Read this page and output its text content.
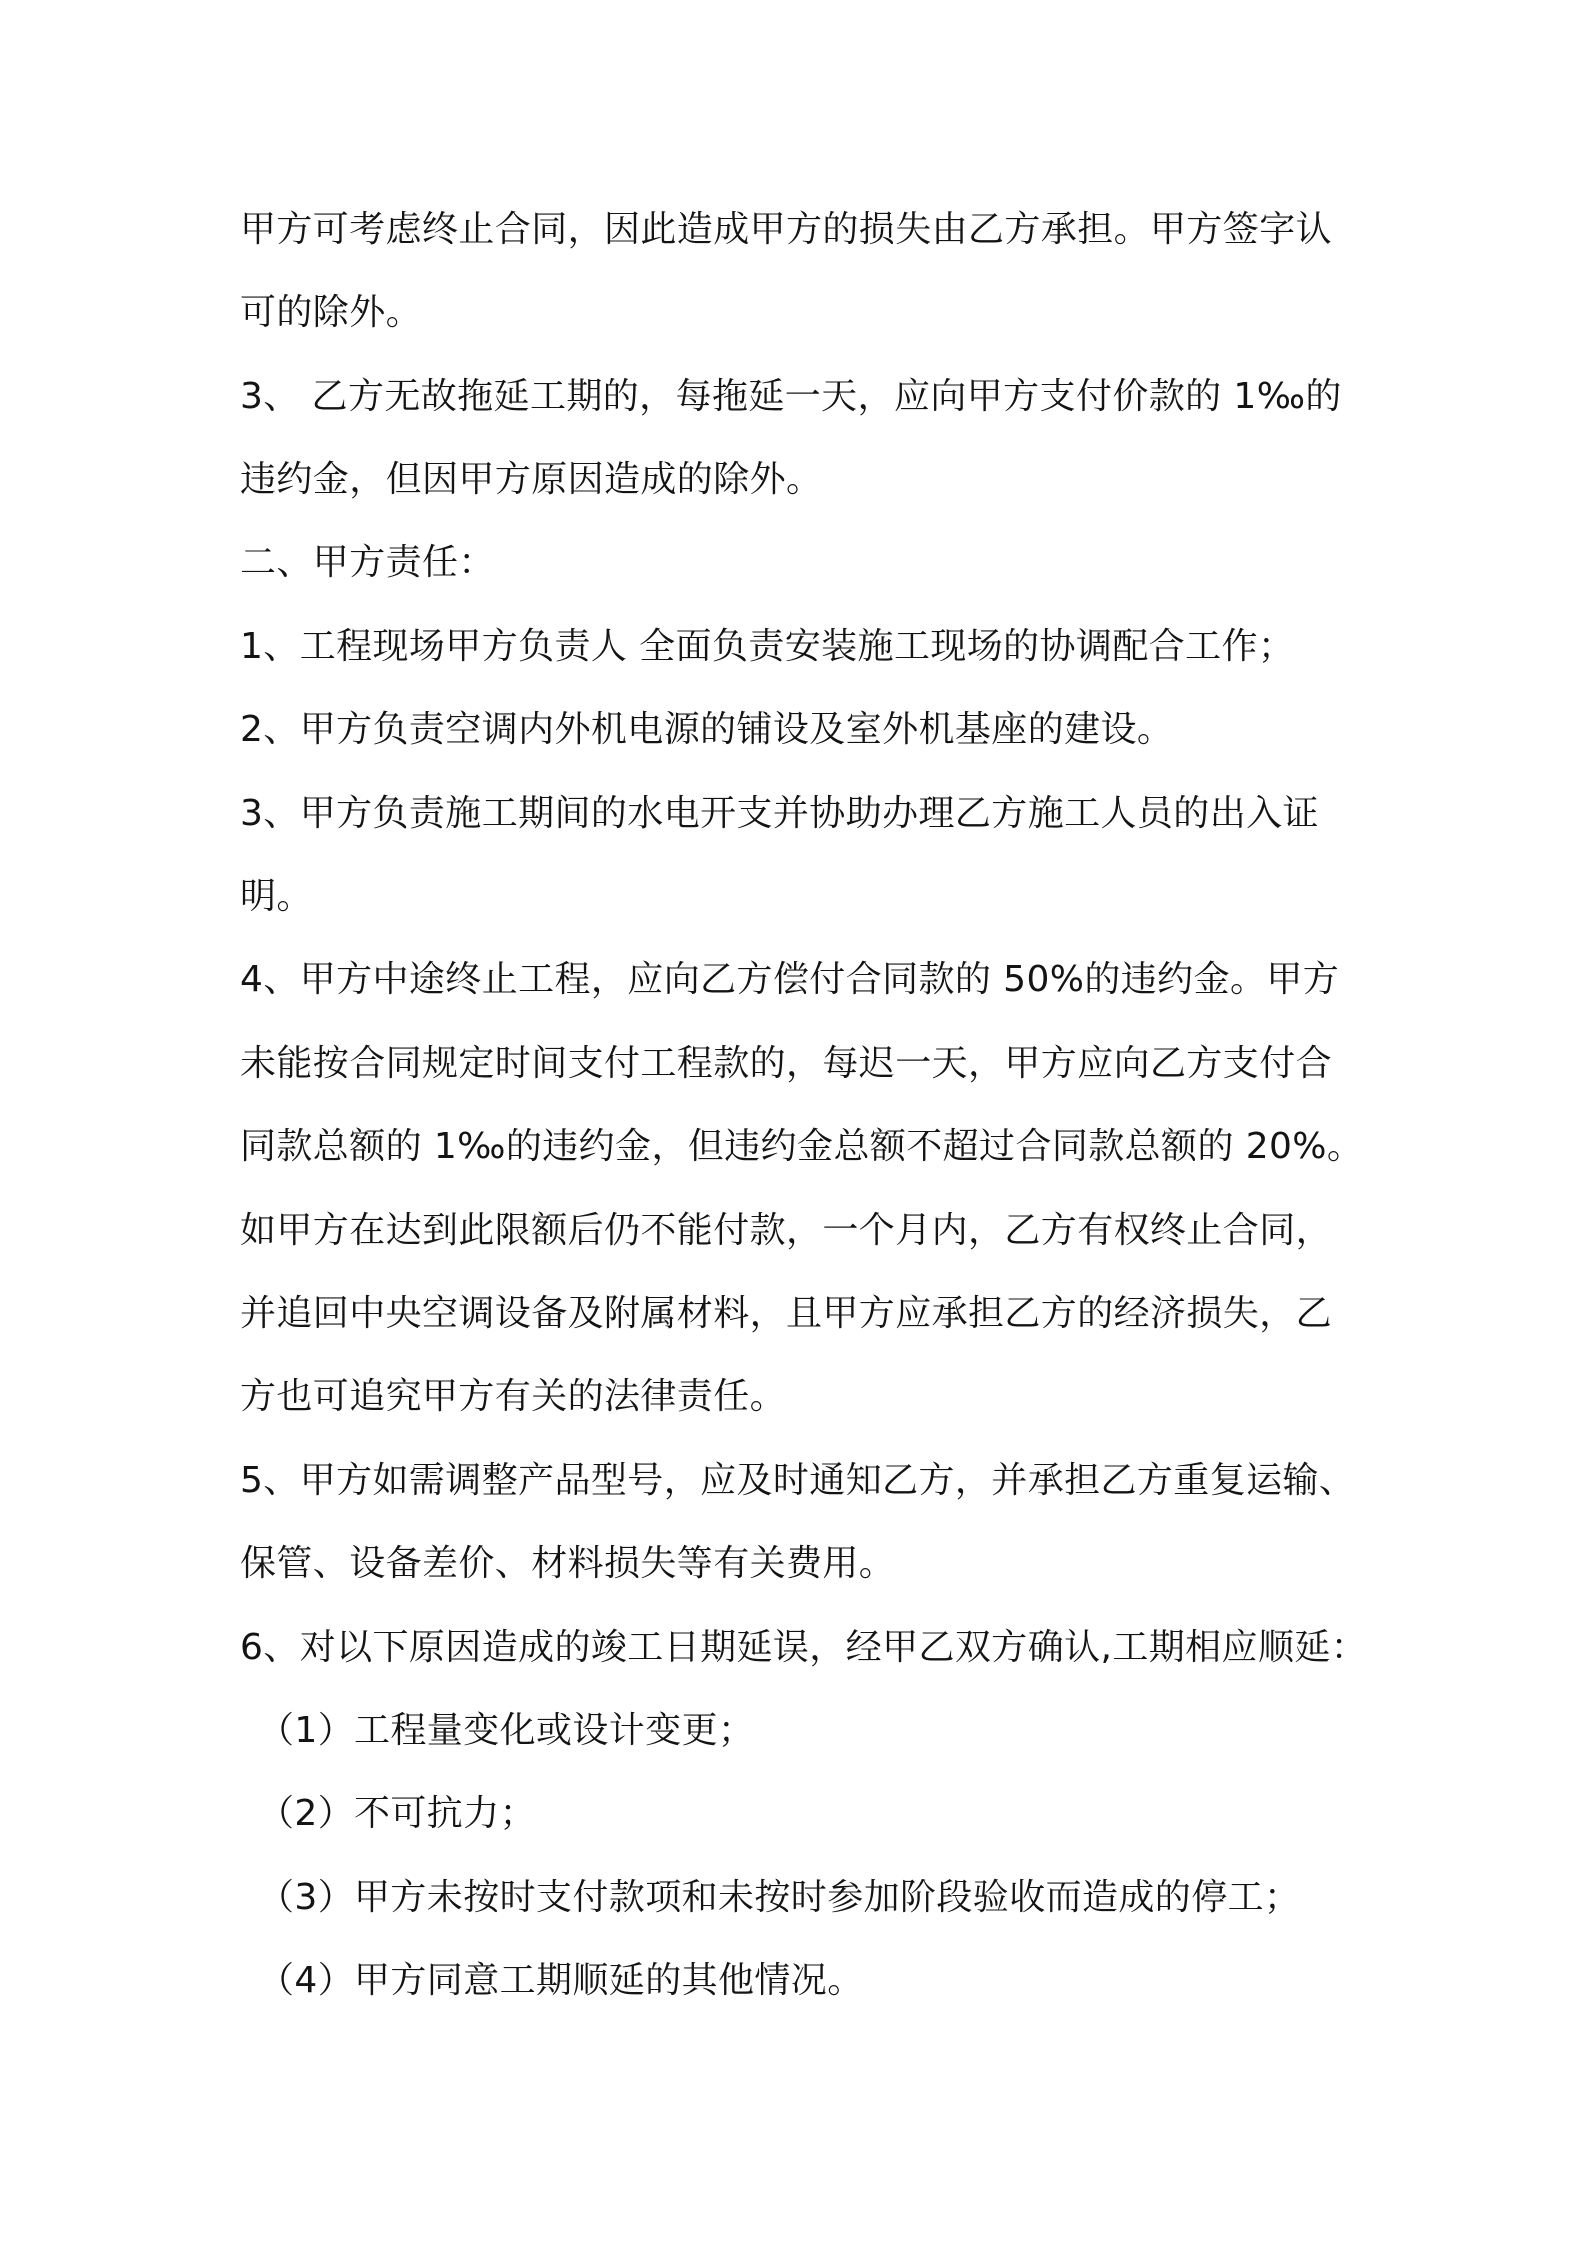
甲方可考虑终止合同，因此造成甲方的损失由乙方承担。甲方签字认
可的除外。
3、 乙方无故拖延工期的，每拖延一天，应向甲方支付价款的 1‰的
违约金，但因甲方原因造成的除外。
二、甲方责任：
1、工程现场甲方负责人 全面负责安装施工现场的协调配合工作；
2、甲方负责空调内外机电源的铺设及室外机基座的建设。
3、甲方负责施工期间的水电开支并协助办理乙方施工人员的出入证
明。
4、甲方中途终止工程，应向乙方偿付合同款的 50%的违约金。甲方
未能按合同规定时间支付工程款的，每迟一天，甲方应向乙方支付合
同款总额的 1‰的违约金，但违约金总额不超过合同款总额的 20%。
如甲方在达到此限额后仍不能付款，一个月内，乙方有权终止合同，
并追回中央空调设备及附属材料，且甲方应承担乙方的经济损失，乙
方也可追究甲方有关的法律责任。
5、甲方如需调整产品型号，应及时通知乙方，并承担乙方重复运输、
保管、设备差价、材料损失等有关费用。
6、对以下原因造成的竣工日期延误，经甲乙双方确认,工期相应顺延：
（1）工程量变化或设计变更；
（2）不可抗力；
（3）甲方未按时支付款项和未按时参加阶段验收而造成的停工；
（4）甲方同意工期顺延的其他情况。
